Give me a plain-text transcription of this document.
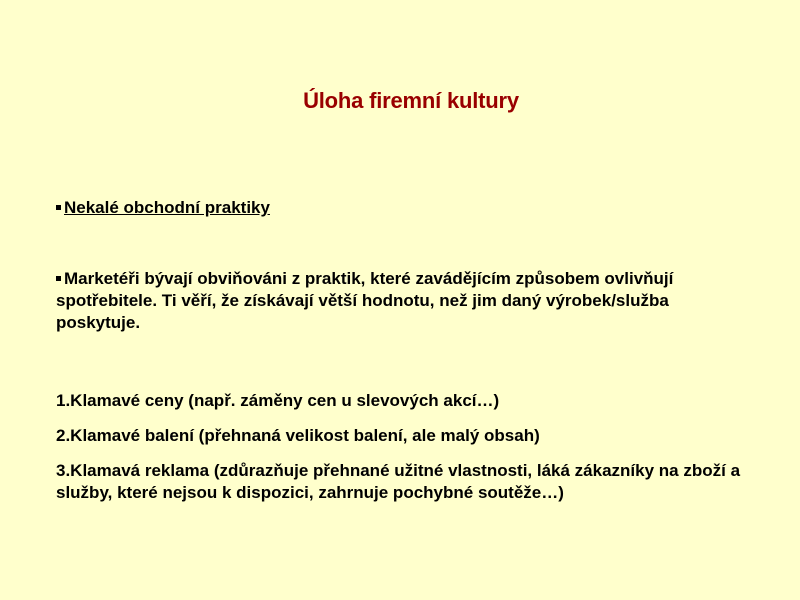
Úloha firemní kultury
Nekalé obchodní praktiky
Marketéři bývají obviňováni z praktik, které zavádějícím způsobem ovlivňují spotřebitele. Ti věří, že získávají větší hodnotu, než jim daný výrobek/služba poskytuje.
1.Klamavé ceny (např. záměny cen u slevových akcí…)
2.Klamavé balení (přehnaná velikost balení, ale malý obsah)
3.Klamavá reklama (zdůrazňuje přehnané užitné vlastnosti, láká zákazníky na zboží a služby, které nejsou k dispozici, zahrnuje pochybné soutěže…)
